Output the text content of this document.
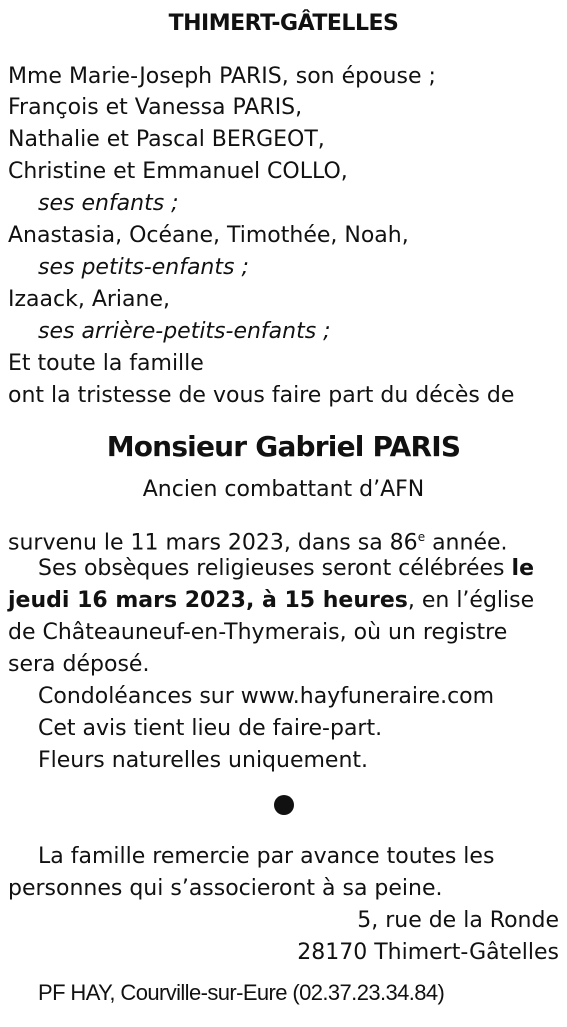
THIMERT-GÂTELLES
Mme Marie-Joseph PARIS, son épouse ;
François et Vanessa PARIS,
Nathalie et Pascal BERGEOT,
Christine et Emmanuel COLLO,
ses enfants ;
Anastasia, Océane, Timothée, Noah,
ses petits-enfants ;
Izaack, Ariane,
ses arrière-petits-enfants ;
Et toute la famille
ont la tristesse de vous faire part du décès de
Monsieur Gabriel PARIS
Ancien combattant d’AFN
survenu le 11 mars 2023, dans sa 86e année.
Ses obsèques religieuses seront célébrées le
jeudi 16 mars 2023, à 15 heures, en l’église
de Châteauneuf-en-Thymerais, où un registre
sera déposé.
Condoléances sur www.hayfuneraire.com
Cet avis tient lieu de faire-part.
Fleurs naturelles uniquement.
La famille remercie par avance toutes les
personnes qui s’associeront à sa peine.
5, rue de la Ronde
28170 Thimert-Gâtelles
PF HAY, Courville-sur-Eure (02.37.23.34.84)
